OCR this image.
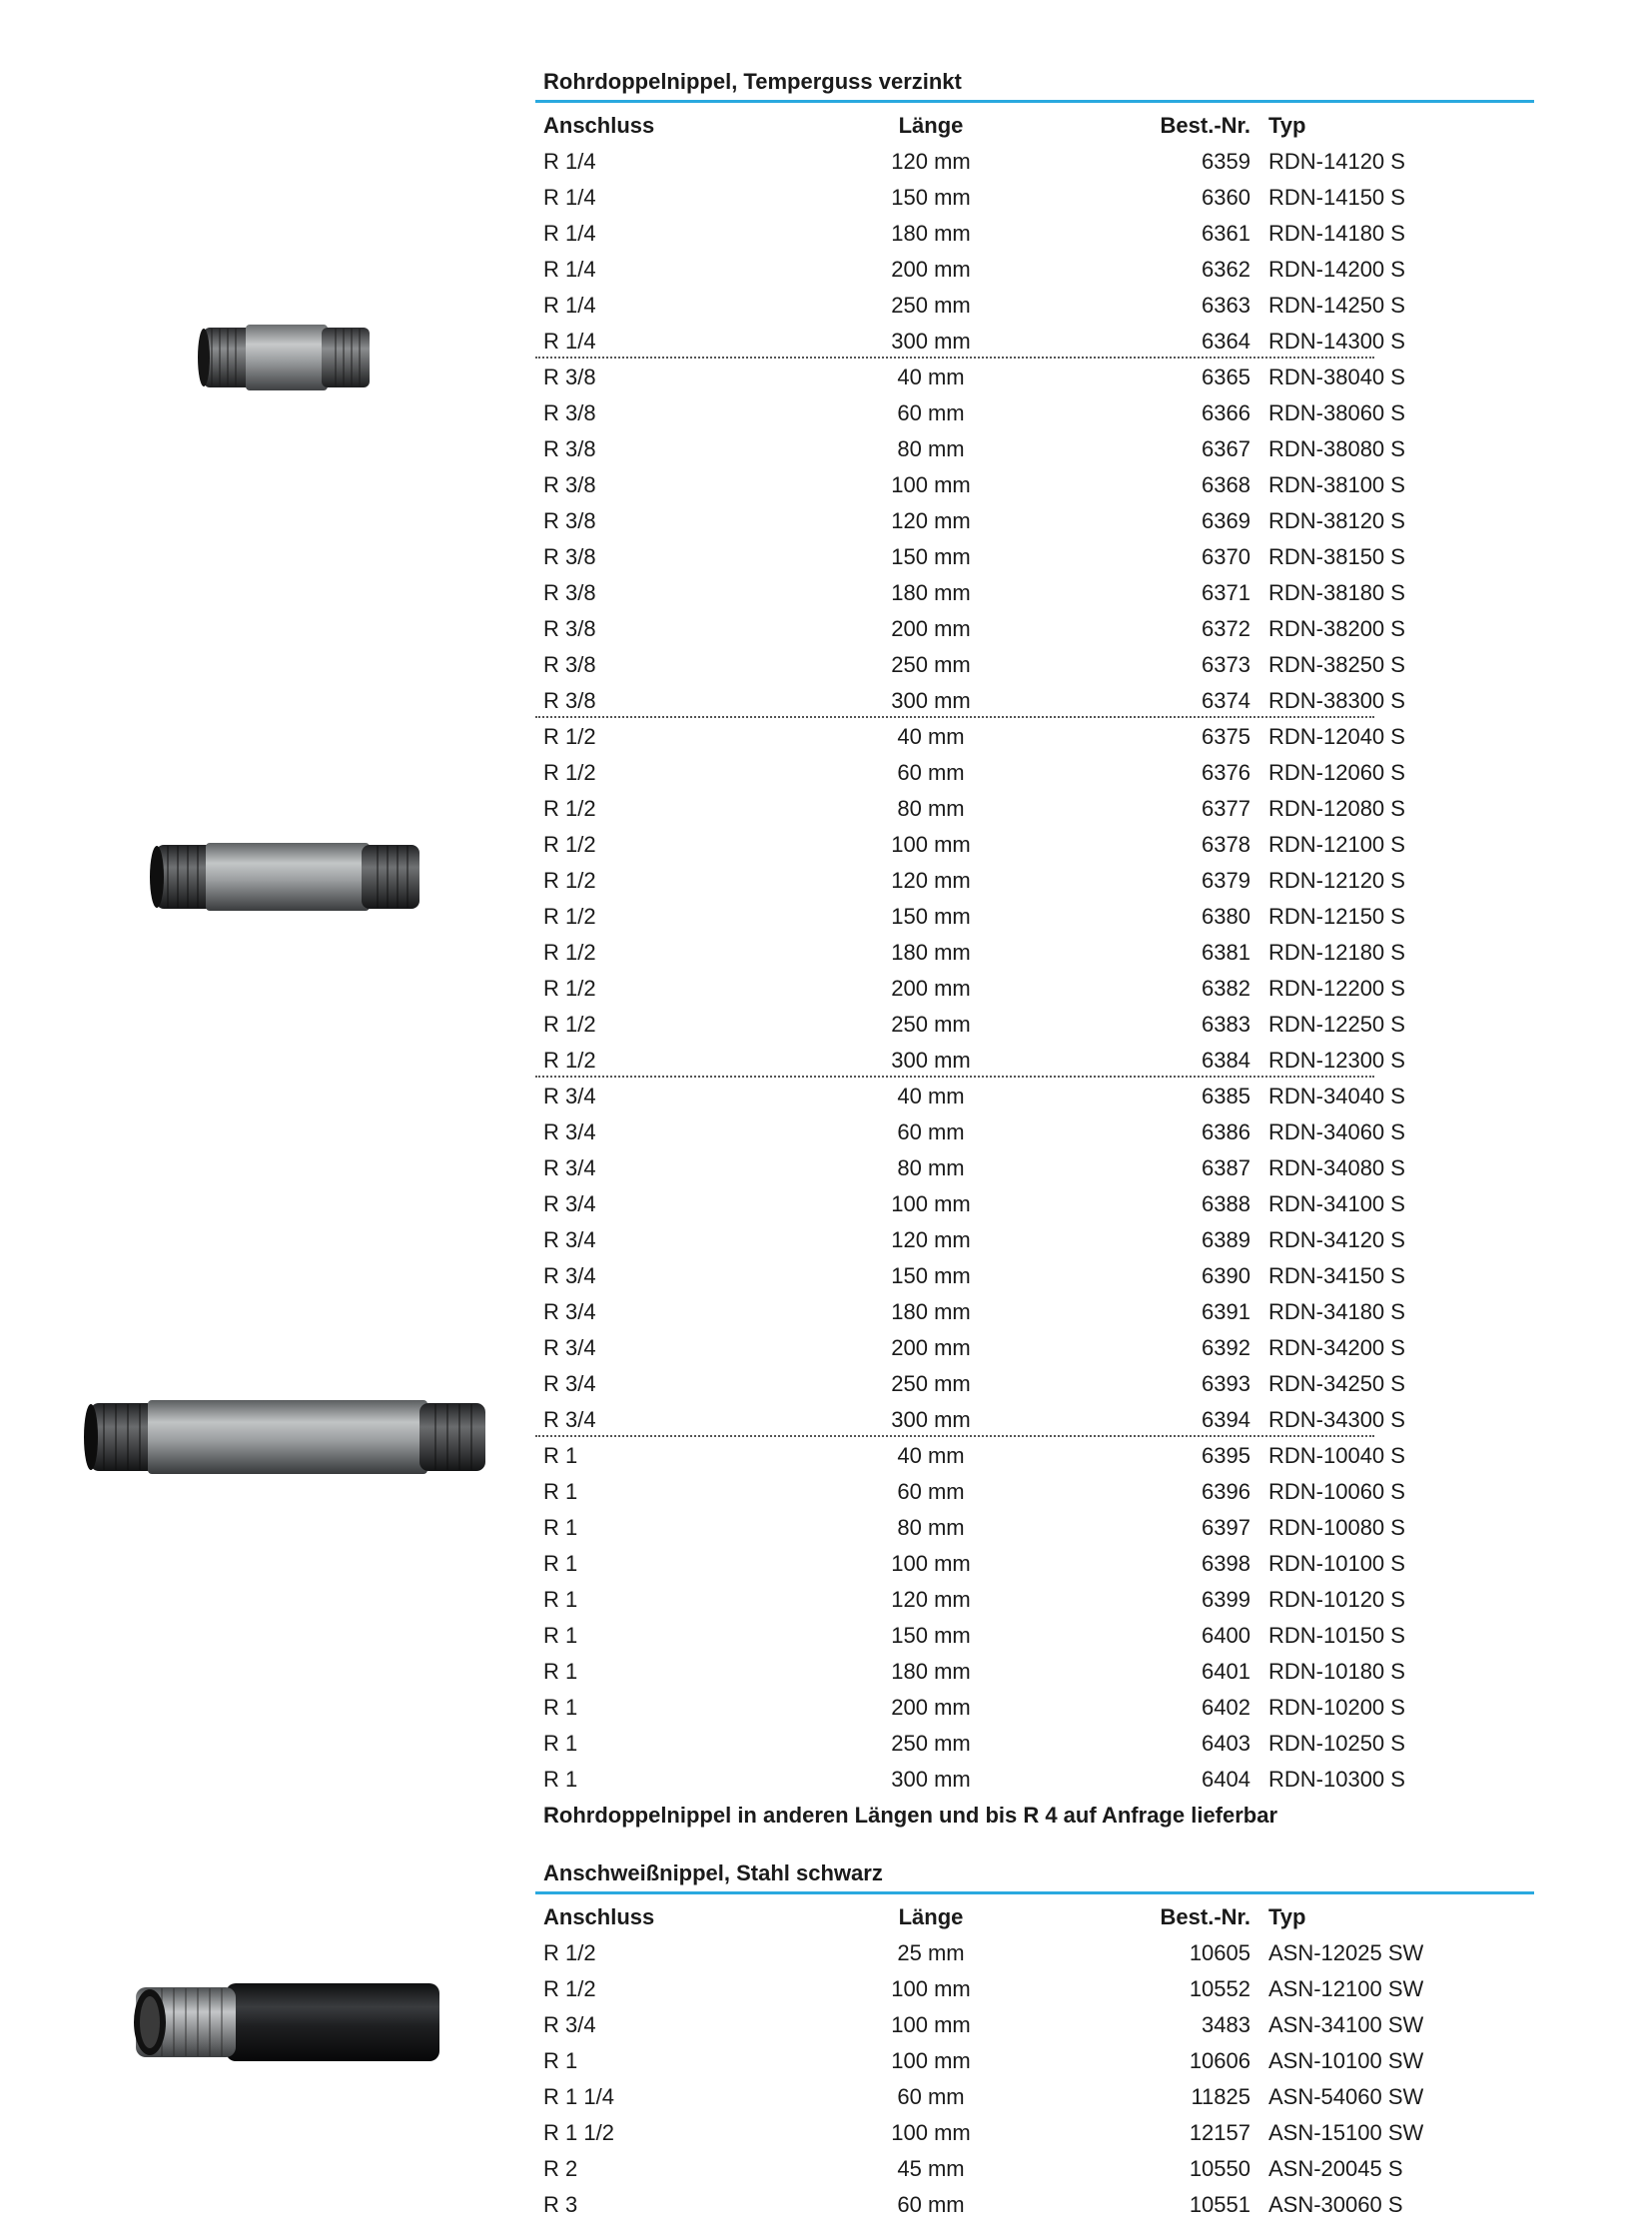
Rohrdoppelnippel, Temperguss verzinkt
Anschluss	Länge	Best.-Nr. Typ
R 1/4	120 mm	6359 RDN-14120 S
R 1/4	150 mm	6360 RDN-14150 S
R 1/4	180 mm	6361 RDN-14180 S
R 1/4	200 mm	6362 RDN-14200 S
R 1/4	250 mm	6363 RDN-14250 S
R 1/4	300 mm	6364 RDN-14300 S
R 3/8	40 mm	6365 RDN-38040 S
R 3/8	60 mm	6366 RDN-38060 S
R 3/8	80 mm	6367 RDN-38080 S
R 3/8	100 mm	6368 RDN-38100 S
R 3/8	120 mm	6369 RDN-38120 S
R 3/8	150 mm	6370 RDN-38150 S
R 3/8	180 mm	6371 RDN-38180 S
R 3/8	200 mm	6372 RDN-38200 S
R 3/8	250 mm	6373 RDN-38250 S
R 3/8	300 mm	6374 RDN-38300 S
R 1/2	40 mm	6375 RDN-12040 S
R 1/2	60 mm	6376 RDN-12060 S
R 1/2	80 mm	6377 RDN-12080 S
R 1/2	100 mm	6378 RDN-12100 S
R 1/2	120 mm	6379 RDN-12120 S
R 1/2	150 mm	6380 RDN-12150 S
R 1/2	180 mm	6381 RDN-12180 S
R 1/2	200 mm	6382 RDN-12200 S
R 1/2	250 mm	6383 RDN-12250 S
R 1/2	300 mm	6384 RDN-12300 S
R 3/4	40 mm	6385 RDN-34040 S
R 3/4	60 mm	6386 RDN-34060 S
R 3/4	80 mm	6387 RDN-34080 S
R 3/4	100 mm	6388 RDN-34100 S
R 3/4	120 mm	6389 RDN-34120 S
R 3/4	150 mm	6390 RDN-34150 S
R 3/4	180 mm	6391 RDN-34180 S
R 3/4	200 mm	6392 RDN-34200 S
R 3/4	250 mm	6393 RDN-34250 S
R 3/4	300 mm	6394 RDN-34300 S
R 1	40 mm	6395 RDN-10040 S
R 1	60 mm	6396 RDN-10060 S
R 1	80 mm	6397 RDN-10080 S
R 1	100 mm	6398 RDN-10100 S
R 1	120 mm	6399 RDN-10120 S
R 1	150 mm	6400 RDN-10150 S
R 1	180 mm	6401 RDN-10180 S
R 1	200 mm	6402 RDN-10200 S
R 1	250 mm	6403 RDN-10250 S
R 1	300 mm	6404 RDN-10300 S
Rohrdoppelnippel in anderen Längen und bis R 4 auf Anfrage lieferbar
Anschweißnippel, Stahl schwarz
Anschluss	Länge	Best.-Nr. Typ
R 1/2	25 mm	10605 ASN-12025 SW
R 1/2	100 mm	10552 ASN-12100 SW
R 3/4	100 mm	3483 ASN-34100 SW
R 1	100 mm	10606 ASN-10100 SW
R 1 1/4	60 mm	11825 ASN-54060 SW
R 1 1/2	100 mm	12157 ASN-15100 SW
R 2	45 mm	10550 ASN-20045 S
R 3	60 mm	10551 ASN-30060 S
